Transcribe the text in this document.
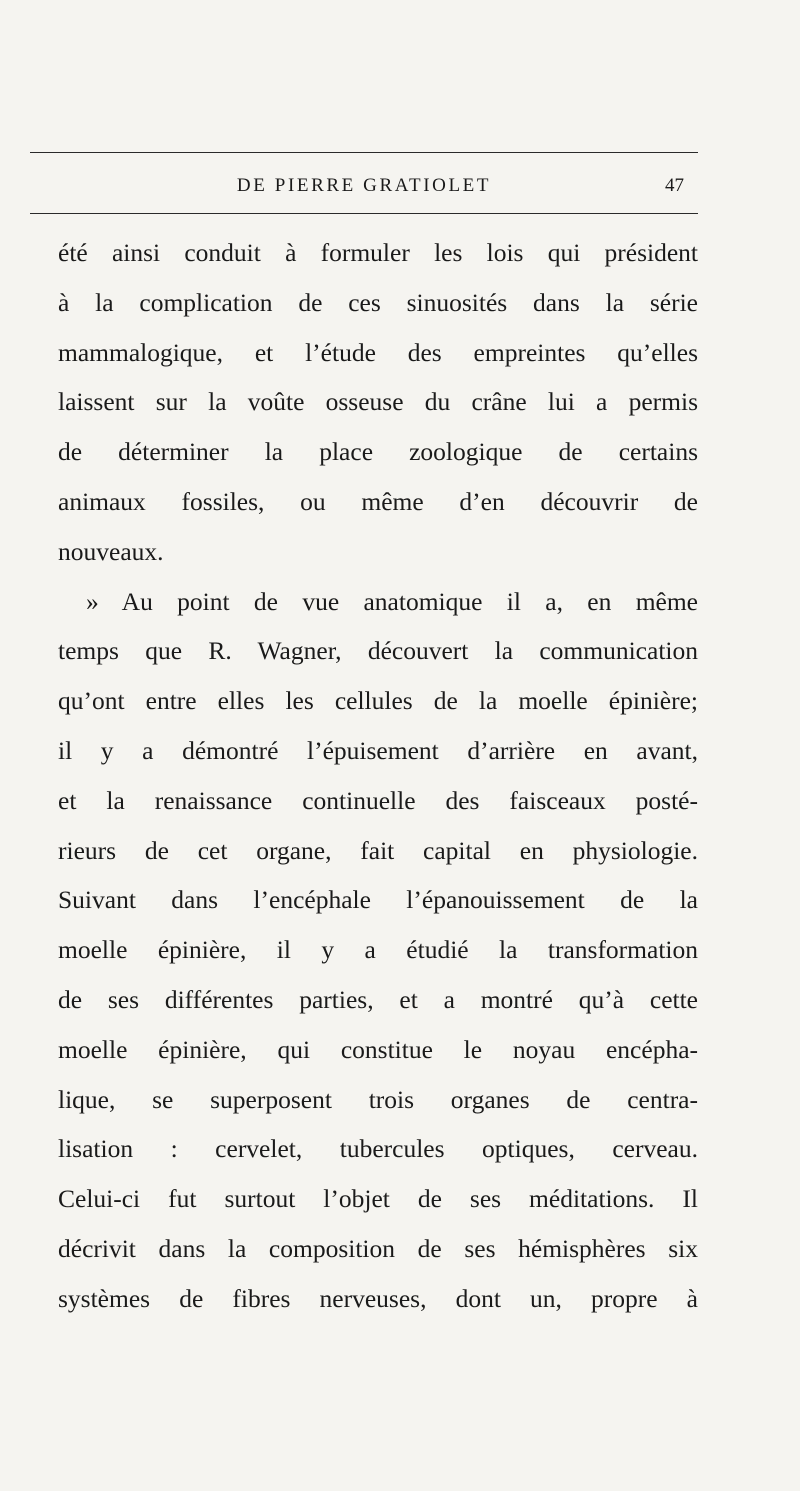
DE PIERRE GRATIOLET	47
été ainsi conduit à formuler les lois qui président
à la complication de ces sinuosités dans la série
mammalogique, et l’étude des empreintes qu’elles
laissent sur la voûte osseuse du crâne lui a permis
de déterminer la place zoologique de certains
animaux fossiles, ou même d’en découvrir de
nouveaux.
» Au point de vue anatomique il a, en même
temps que R. Wagner, découvert la communication
qu’ont entre elles les cellules de la moelle épinière;
il y a démontré l’épuisement d’arrière en avant,
et la renaissance continuelle des faisceaux posté-
rieurs de cet organe, fait capital en physiologie.
Suivant dans l’encéphale l’épanouissement de la
moelle épinière, il y a étudié la transformation
de ses différentes parties, et a montré qu’à cette
moelle épinière, qui constitue le noyau encépha-
lique, se superposent trois organes de centra-
lisation : cervelet, tubercules optiques, cerveau.
Celui-ci fut surtout l’objet de ses méditations. Il
décrivit dans la composition de ses hémisphères six
systèmes de fibres nerveuses, dont un, propre à
